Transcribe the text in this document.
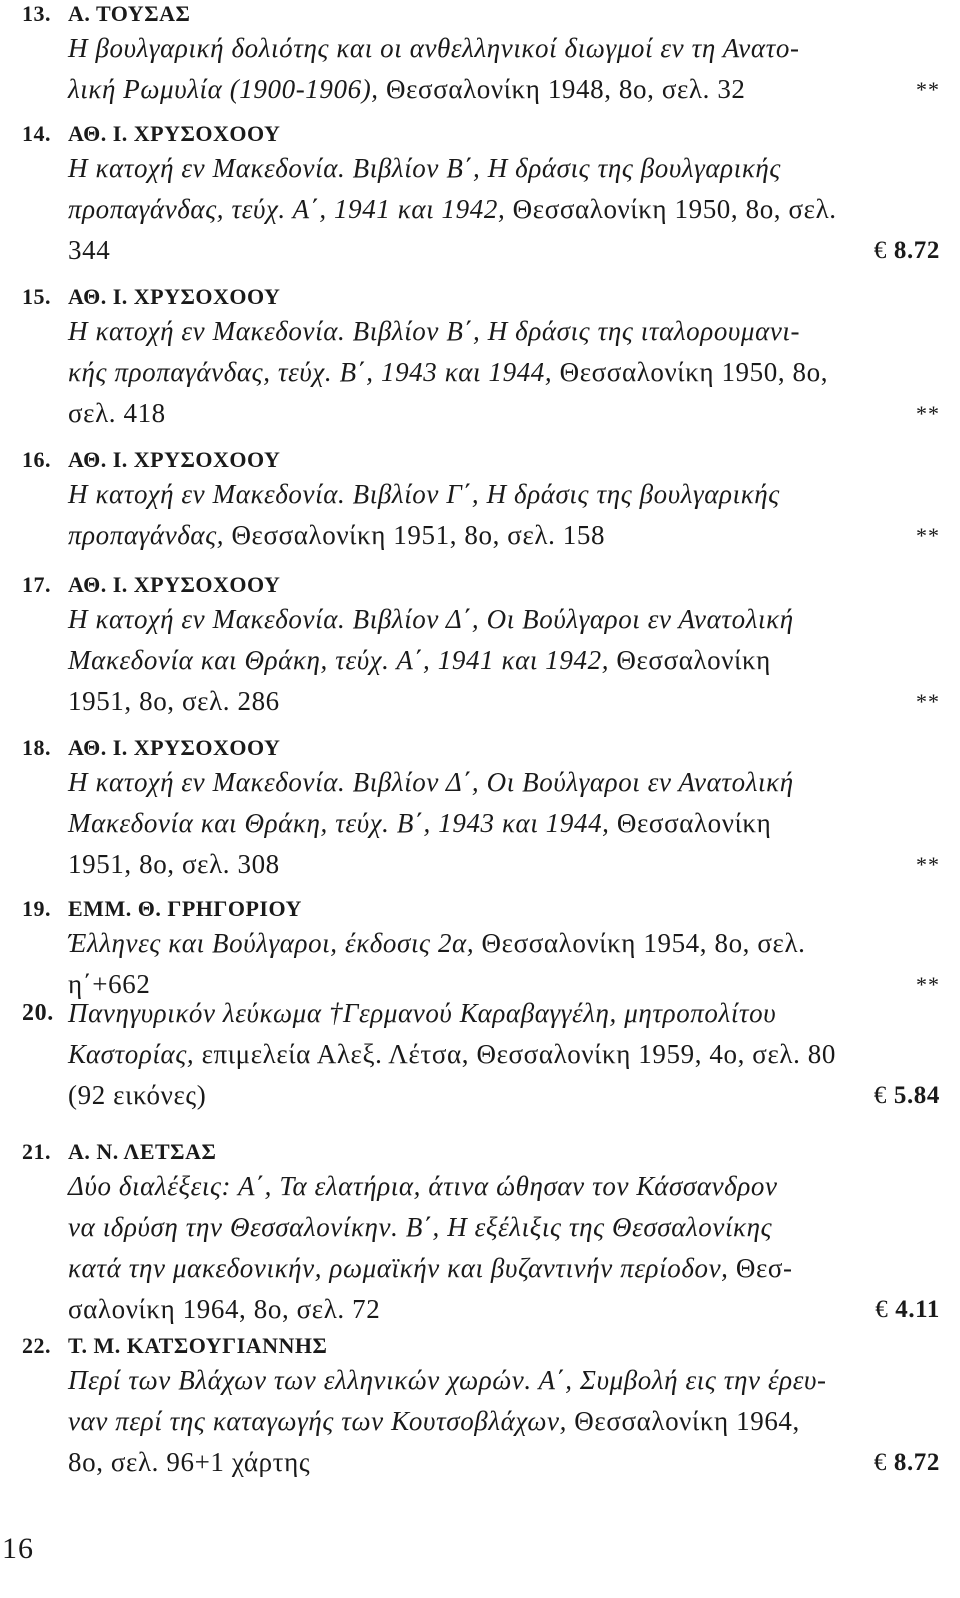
13. Α. ΤΟΥΣΑΣ
Η βουλγαρική δολιότης και οι ανθελληνικοί διωγμοί εν τη Ανατο-
λική Ρωμυλία (1900-1906), Θεσσαλονίκη 1948, 8ο, σελ. 32	**
14. ΑΘ. Ι. ΧΡΥΣΟΧΟΟΥ
Η κατοχή εν Μακεδονία. Βιβλίον Β΄, Η δράσις της βουλγαρικής
προπαγάνδας, τεύχ. Α΄, 1941 και 1942, Θεσσαλονίκη 1950, 8ο, σελ.
344	€ 8.72
15. ΑΘ. Ι. ΧΡΥΣΟΧΟΟΥ
Η κατοχή εν Μακεδονία. Βιβλίον Β΄, Η δράσις της ιταλορουμανι-
κής προπαγάνδας, τεύχ. Β΄, 1943 και 1944, Θεσσαλονίκη 1950, 8ο,
σελ. 418	**
16. ΑΘ. Ι. ΧΡΥΣΟΧΟΟΥ
Η κατοχή εν Μακεδονία. Βιβλίον Γ΄, Η δράσις της βουλγαρικής
προπαγάνδας, Θεσσαλονίκη 1951, 8ο, σελ. 158	**
17. ΑΘ. Ι. ΧΡΥΣΟΧΟΟΥ
Η κατοχή εν Μακεδονία. Βιβλίον Δ΄, Οι Βούλγαροι εν Ανατολική
Μακεδονία και Θράκη, τεύχ. Α΄, 1941 και 1942, Θεσσαλονίκη
1951, 8ο, σελ. 286	**
18. ΑΘ. Ι. ΧΡΥΣΟΧΟΟΥ
Η κατοχή εν Μακεδονία. Βιβλίον Δ΄, Οι Βούλγαροι εν Ανατολική
Μακεδονία και Θράκη, τεύχ. Β΄, 1943 και 1944, Θεσσαλονίκη
1951, 8ο, σελ. 308	**
19. ΕΜΜ. Θ. ΓΡΗΓΟΡΙΟΥ
Έλληνες και Βούλγαροι, έκδοσις 2α, Θεσσαλονίκη 1954, 8ο, σελ.
η΄+662	**
20. Πανηγυρικόν λεύκωμα †Γερμανού Καραβαγγέλη, μητροπολίτου
Καστορίας, επιμελεία Αλεξ. Λέτσα, Θεσσαλονίκη 1959, 4ο, σελ. 80
(92 εικόνες)	€ 5.84
21. Α. Ν. ΛΕΤΣΑΣ
Δύο διαλέξεις: Α΄, Τα ελατήρια, άτινα ώθησαν τον Κάσσανδρον
να ιδρύση την Θεσσαλονίκην. Β΄, Η εξέλιξις της Θεσσαλονίκης
κατά την μακεδονικήν, ρωμαϊκήν και βυζαντινήν περίοδον, Θεσ-
σαλονίκη 1964, 8ο, σελ. 72	€ 4.11
22. Τ. Μ. ΚΑΤΣΟΥΓΙΑΝΝΗΣ
Περί των Βλάχων των ελληνικών χωρών. Α΄, Συμβολή εις την έρευ-
ναν περί της καταγωγής των Κουτσοβλάχων, Θεσσαλονίκη 1964,
8ο, σελ. 96+1 χάρτης	€ 8.72
16
